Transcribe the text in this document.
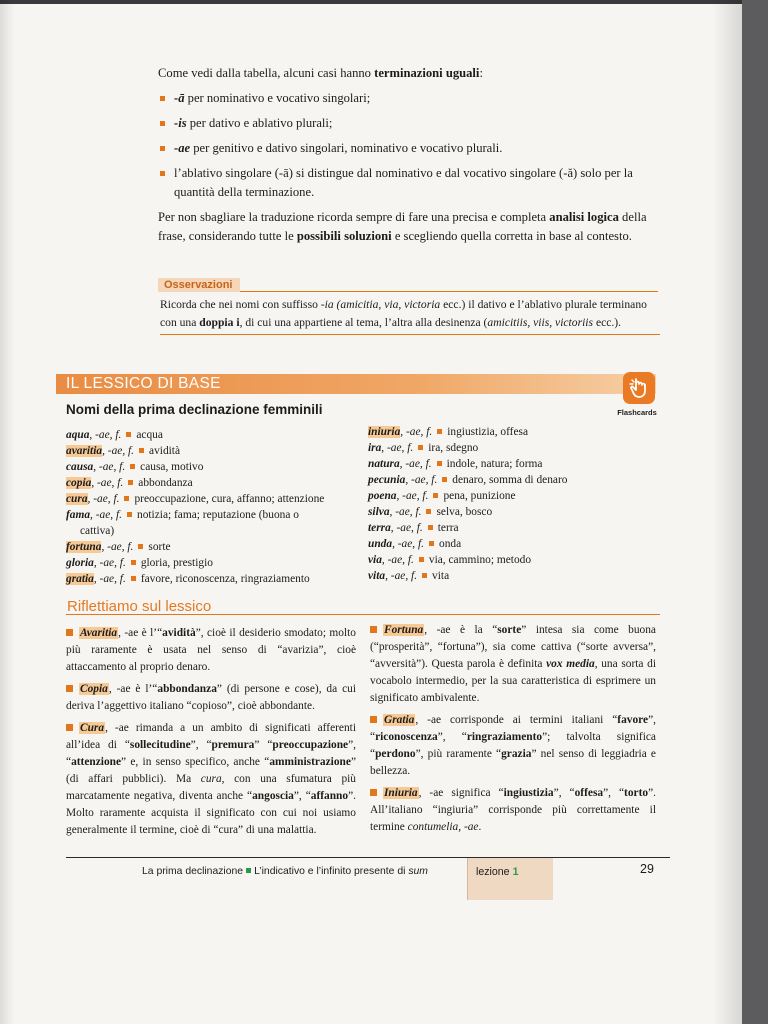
Come vedi dalla tabella, alcuni casi hanno terminazioni uguali:

-ā per nominativo e vocativo singolari;
-is per dativo e ablativo plurali;
-ae per genitivo e dativo singolari, nominativo e vocativo plurali.
l’ablativo singolare (-ā) si distingue dal nominativo e dal vocativo singolare (-ă) solo per la quantità della terminazione.

Per non sbagliare la traduzione ricorda sempre di fare una precisa e completa analisi logica della frase, considerando tutte le possibili soluzioni e scegliendo quella corretta in base al contesto.

Osservazioni
Ricorda che nei nomi con suffisso -ia (amicitia, via, victoria ecc.) il dativo e l’ablativo plurale terminano con una doppia i, di cui una appartiene al tema, l’altra alla desinenza (amicitiis, viis, victoriis ecc.).
IL LESSICO DI BASE
Flashcards
Nomi della prima declinazione femminili
aqua, -ae, f. acqua
avaritia, -ae, f. avidità
causa, -ae, f. causa, motivo
copia, -ae, f. abbondanza
cura, -ae, f. preoccupazione, cura, affanno; attenzione
fama, -ae, f. notizia; fama; reputazione (buona o
cattiva)
fortuna, -ae, f. sorte
gloria, -ae, f. gloria, prestigio
gratia, -ae, f. favore, riconoscenza, ringraziamento
iniuria, -ae, f. ingiustizia, offesa
ira, -ae, f. ira, sdegno
natura, -ae, f. indole, natura; forma
pecunia, -ae, f. denaro, somma di denaro
poena, -ae, f. pena, punizione
silva, -ae, f. selva, bosco
terra, -ae, f. terra
unda, -ae, f. onda
via, -ae, f. via, cammino; metodo
vita, -ae, f. vita
Riflettiamo sul lessico

Avaritia, -ae è l’“avidità”, cioè il desiderio smodato; molto più raramente è usata nel senso di “avarizia”, cioè attaccamento al proprio denaro.

Copia, -ae è l’“abbondanza” (di persone e cose), da cui deriva l’aggettivo italiano “copioso”, cioè abbondante.

Cura, -ae rimanda a un ambito di significati afferenti all’idea di “sollecitudine”, “premura” “preoccupazione”, “attenzione” e, in senso specifico, anche “amministrazione” (di affari pubblici). Ma cura, con una sfumatura più marcatamente negativa, diventa anche “angoscia”, “affanno”. Molto raramente acquista il significato con cui noi usiamo generalmente il termine, cioè di “cura” di una malattia.

Fortuna, -ae è la “sorte” intesa sia come buona (“prosperità”, “fortuna”), sia come cattiva (“sorte avversa”, “avversità”). Questa parola è definita vox media, una sorta di vocabolo intermedio, per la sua caratteristica di esprimere un significato ambivalente.

Gratia, -ae corrisponde ai termini italiani “favore”, “riconoscenza”, “ringraziamento”; talvolta significa “perdono”, più raramente “grazia” nel senso di leggiadria e bellezza.

Iniuria, -ae significa “ingiustizia”, “offesa”, “torto”. All’italiano “ingiuria” corrisponde più correttamente il termine contumelia, -ae.

La prima declinazione L’indicativo e l’infinito presente di sum	lezione 1	29
